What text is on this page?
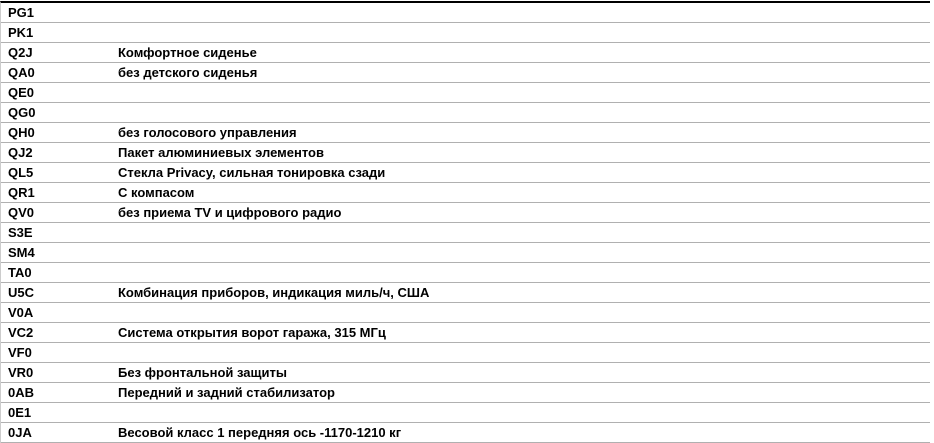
PG1
PK1
Q2J	Комфортное сиденье
QA0	без детского сиденья
QE0
QG0
QH0	без голосового управления
QJ2	Пакет алюминиевых элементов
QL5	Стекла Privacy, сильная тонировка сзади
QR1	С компасом
QV0	без приема TV и цифрового радио
S3E
SM4
TA0
U5C	Комбинация приборов, индикация миль/ч, США
V0A
VC2	Система открытия ворот гаража, 315 МГц
VF0
VR0	Без фронтальной защиты
0AB	Передний и задний стабилизатор
0E1
0JA	Весовой класс 1 передняя ось -1170-1210 кг
